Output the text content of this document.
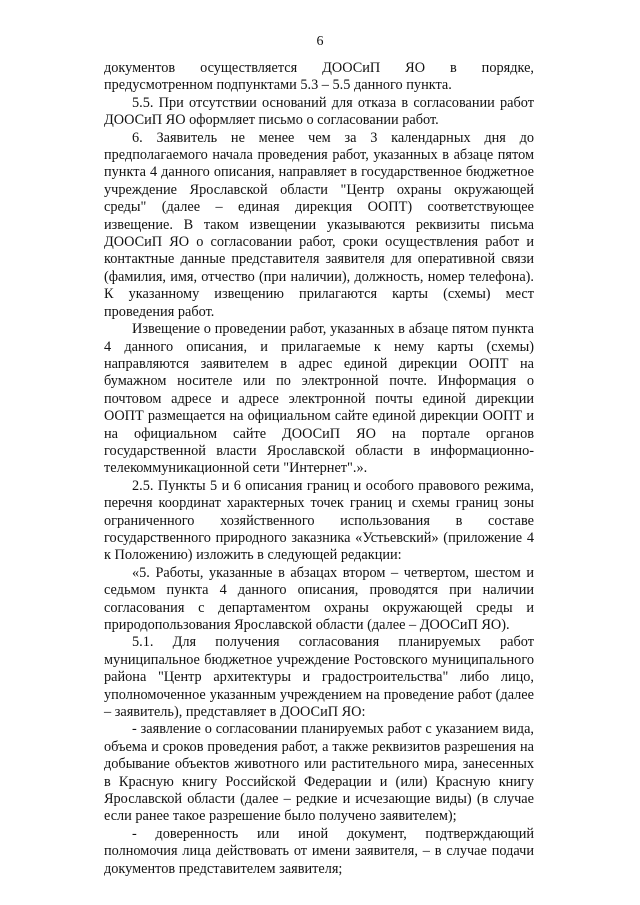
6

документов осуществляется ДООСиП ЯО в порядке, предусмотренном подпунктами 5.3 – 5.5 данного пункта.

5.5. При отсутствии оснований для отказа в согласовании работ ДООСиП ЯО оформляет письмо о согласовании работ.

6. Заявитель не менее чем за 3 календарных дня до предполагаемого начала проведения работ, указанных в абзаце пятом пункта 4 данного описания, направляет в государственное бюджетное учреждение Ярославской области "Центр охраны окружающей среды" (далее – единая дирекция ООПТ) соответствующее извещение. В таком извещении указываются реквизиты письма ДООСиП ЯО о согласовании работ, сроки осуществления работ и контактные данные представителя заявителя для оперативной связи (фамилия, имя, отчество (при наличии), должность, номер телефона). К указанному извещению прилагаются карты (схемы) мест проведения работ.

Извещение о проведении работ, указанных в абзаце пятом пункта 4 данного описания, и прилагаемые к нему карты (схемы) направляются заявителем в адрес единой дирекции ООПТ на бумажном носителе или по электронной почте. Информация о почтовом адресе и адресе электронной почты единой дирекции ООПТ размещается на официальном сайте единой дирекции ООПТ и на официальном сайте ДООСиП ЯО на портале органов государственной власти Ярославской области в информационно-телекоммуникационной сети "Интернет".».

2.5. Пункты 5 и 6 описания границ и особого правового режима, перечня координат характерных точек границ и схемы границ зоны ограниченного хозяйственного использования в составе государственного природного заказника «Устьевский» (приложение 4 к Положению) изложить в следующей редакции:

«5. Работы, указанные в абзацах втором – четвертом, шестом и седьмом пункта 4 данного описания, проводятся при наличии согласования с департаментом охраны окружающей среды и природопользования Ярославской области (далее – ДООСиП ЯО).

5.1. Для получения согласования планируемых работ муниципальное бюджетное учреждение Ростовского муниципального района "Центр архитектуры и градостроительства" либо лицо, уполномоченное указанным учреждением на проведение работ (далее – заявитель), представляет в ДООСиП ЯО:

- заявление о согласовании планируемых работ с указанием вида, объема и сроков проведения работ, а также реквизитов разрешения на добывание объектов животного или растительного мира, занесенных в Красную книгу Российской Федерации и (или) Красную книгу Ярославской области (далее – редкие и исчезающие виды) (в случае если ранее такое разрешение было получено заявителем);

- доверенность или иной документ, подтверждающий полномочия лица действовать от имени заявителя, – в случае подачи документов представителем заявителя;
